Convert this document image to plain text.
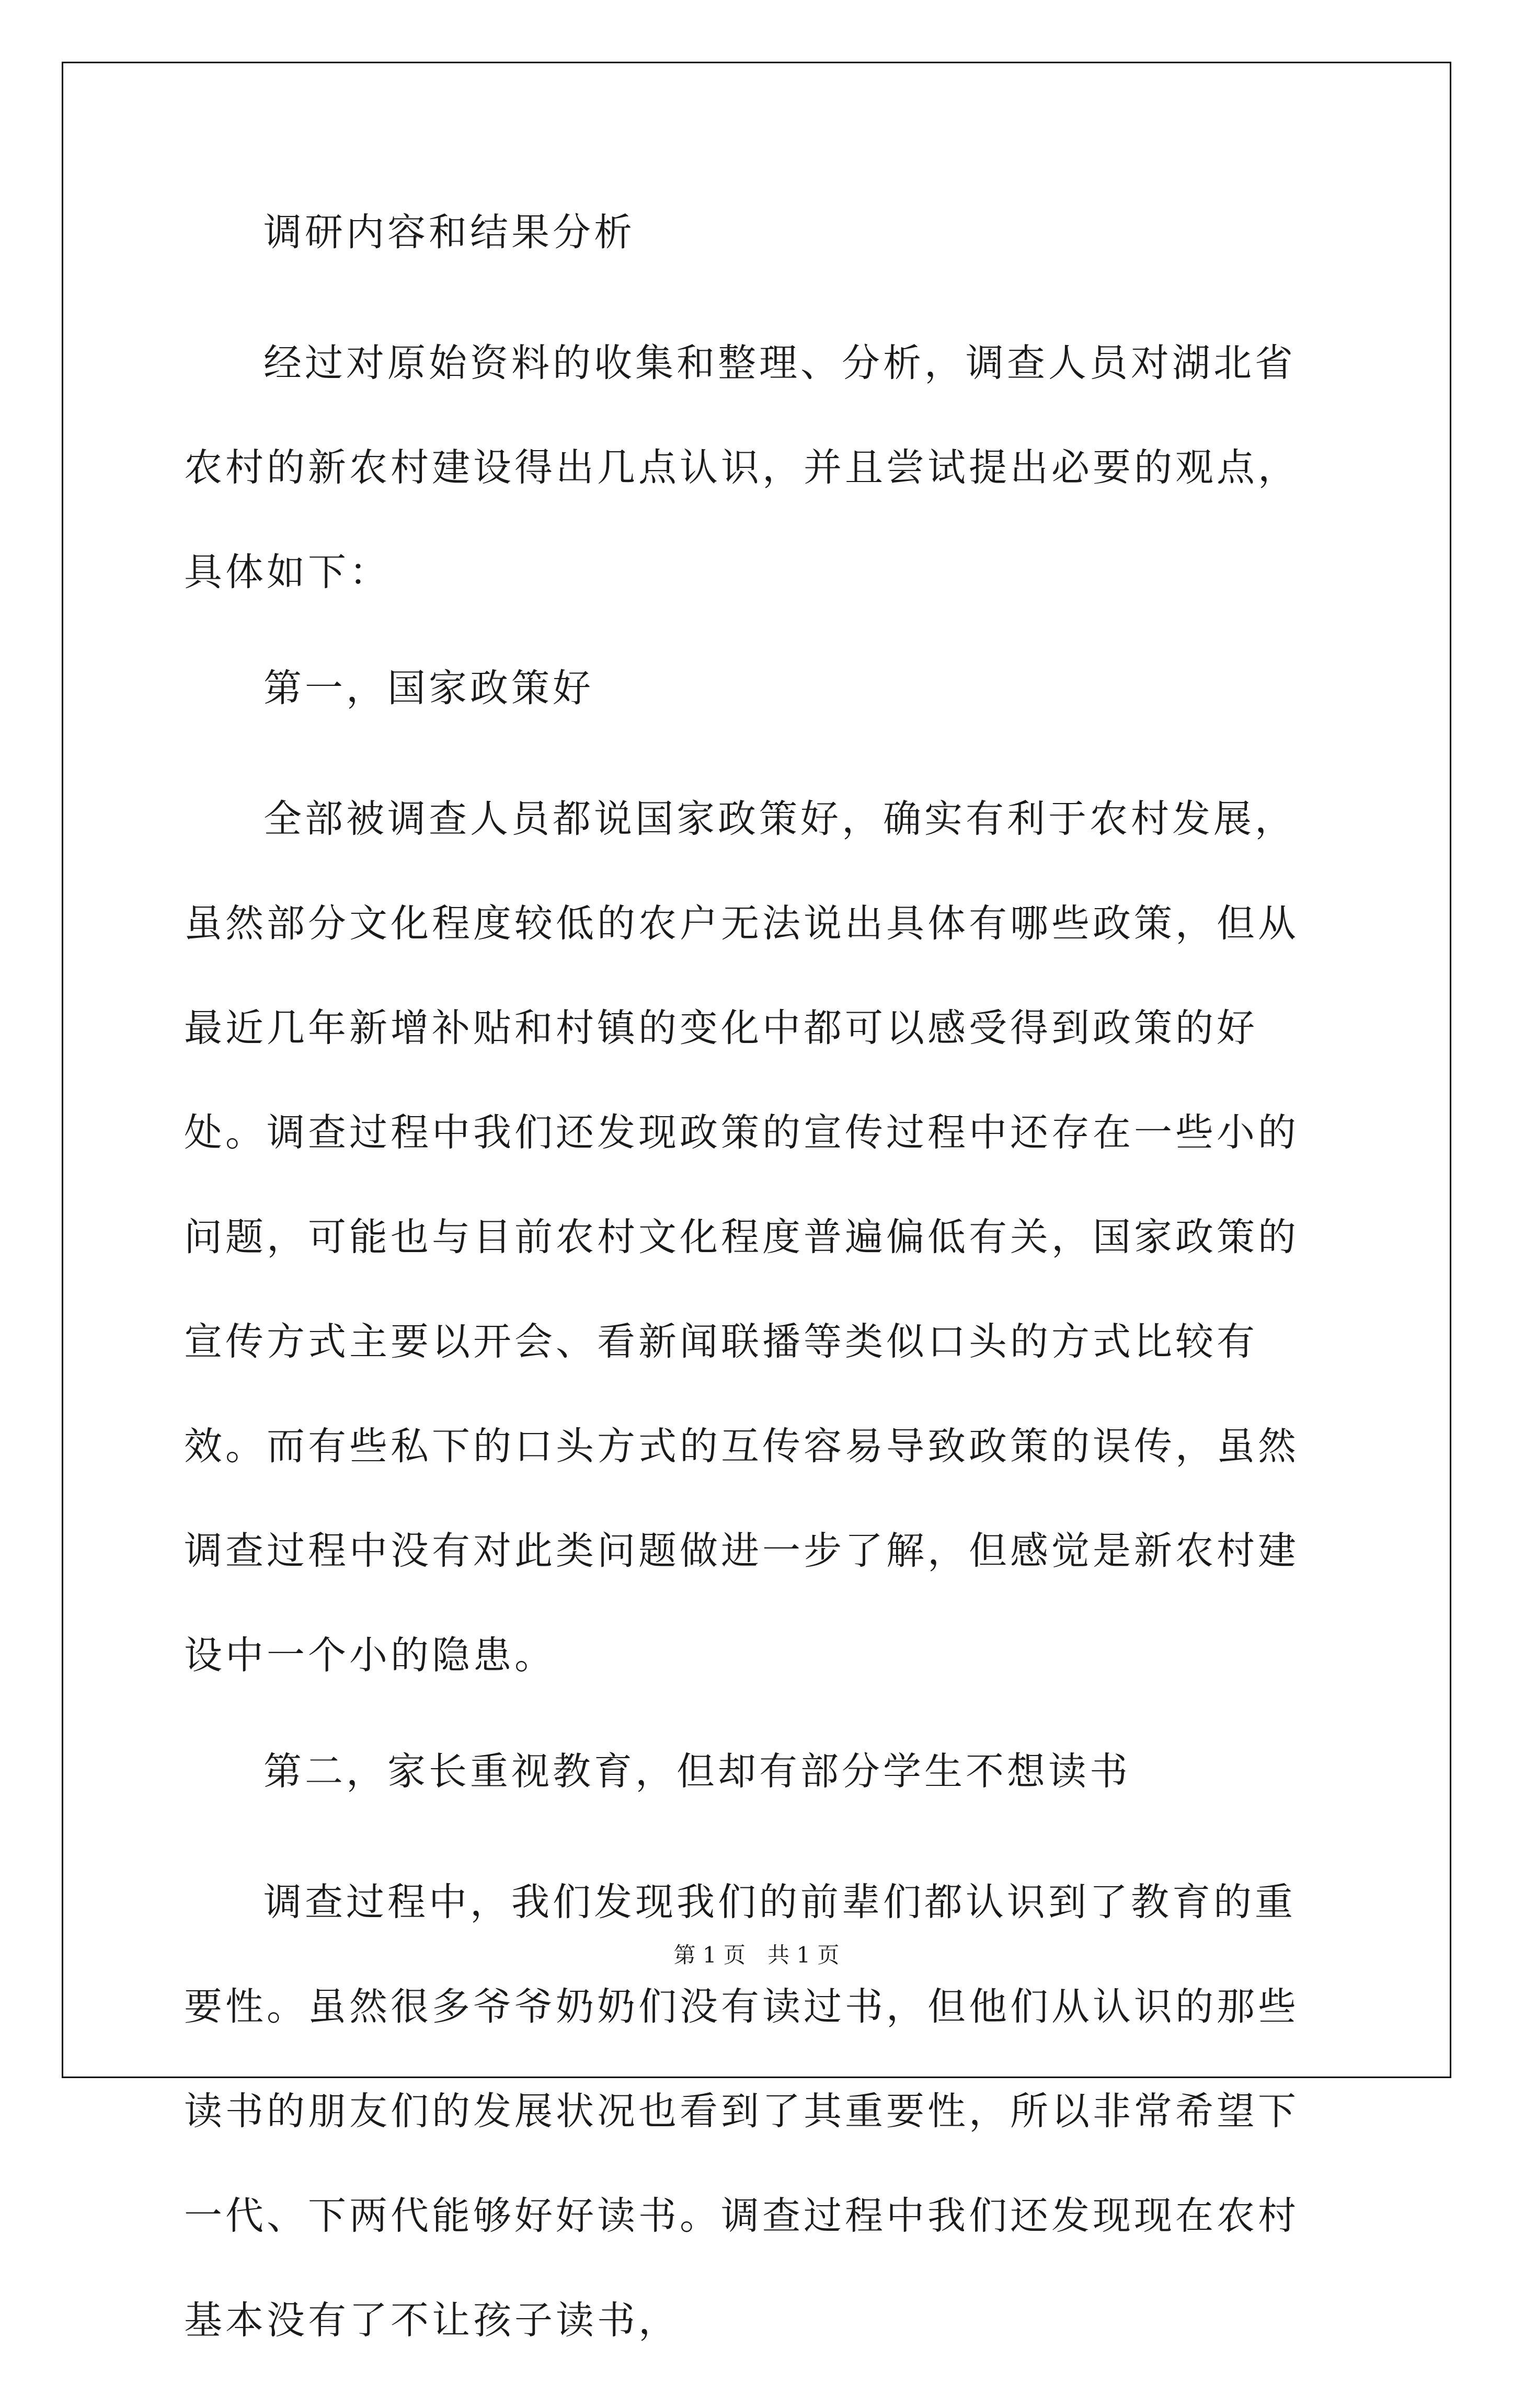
调研内容和结果分析

经过对原始资料的收集和整理、分析，调查人员对湖北省农村的新农村建设得出几点认识，并且尝试提出必要的观点，具体如下：

第一，国家政策好

全部被调查人员都说国家政策好，确实有利于农村发展，虽然部分文化程度较低的农户无法说出具体有哪些政策，但从最近几年新增补贴和村镇的变化中都可以感受得到政策的好处。调查过程中我们还发现政策的宣传过程中还存在一些小的问题，可能也与目前农村文化程度普遍偏低有关，国家政策的宣传方式主要以开会、看新闻联播等类似口头的方式比较有效。而有些私下的口头方式的互传容易导致政策的误传，虽然调查过程中没有对此类问题做进一步了解，但感觉是新农村建设中一个小的隐患。

第二，家长重视教育，但却有部分学生不想读书

调查过程中，我们发现我们的前辈们都认识到了教育的重要性。虽然很多爷爷奶奶们没有读过书，但他们从认识的那些读书的朋友们的发展状况也看到了其重要性，所以非常希望下一代、下两代能够好好读书。调查过程中我们还发现现在农村基本没有了不让孩子读书，

第 1 页　共 1 页
